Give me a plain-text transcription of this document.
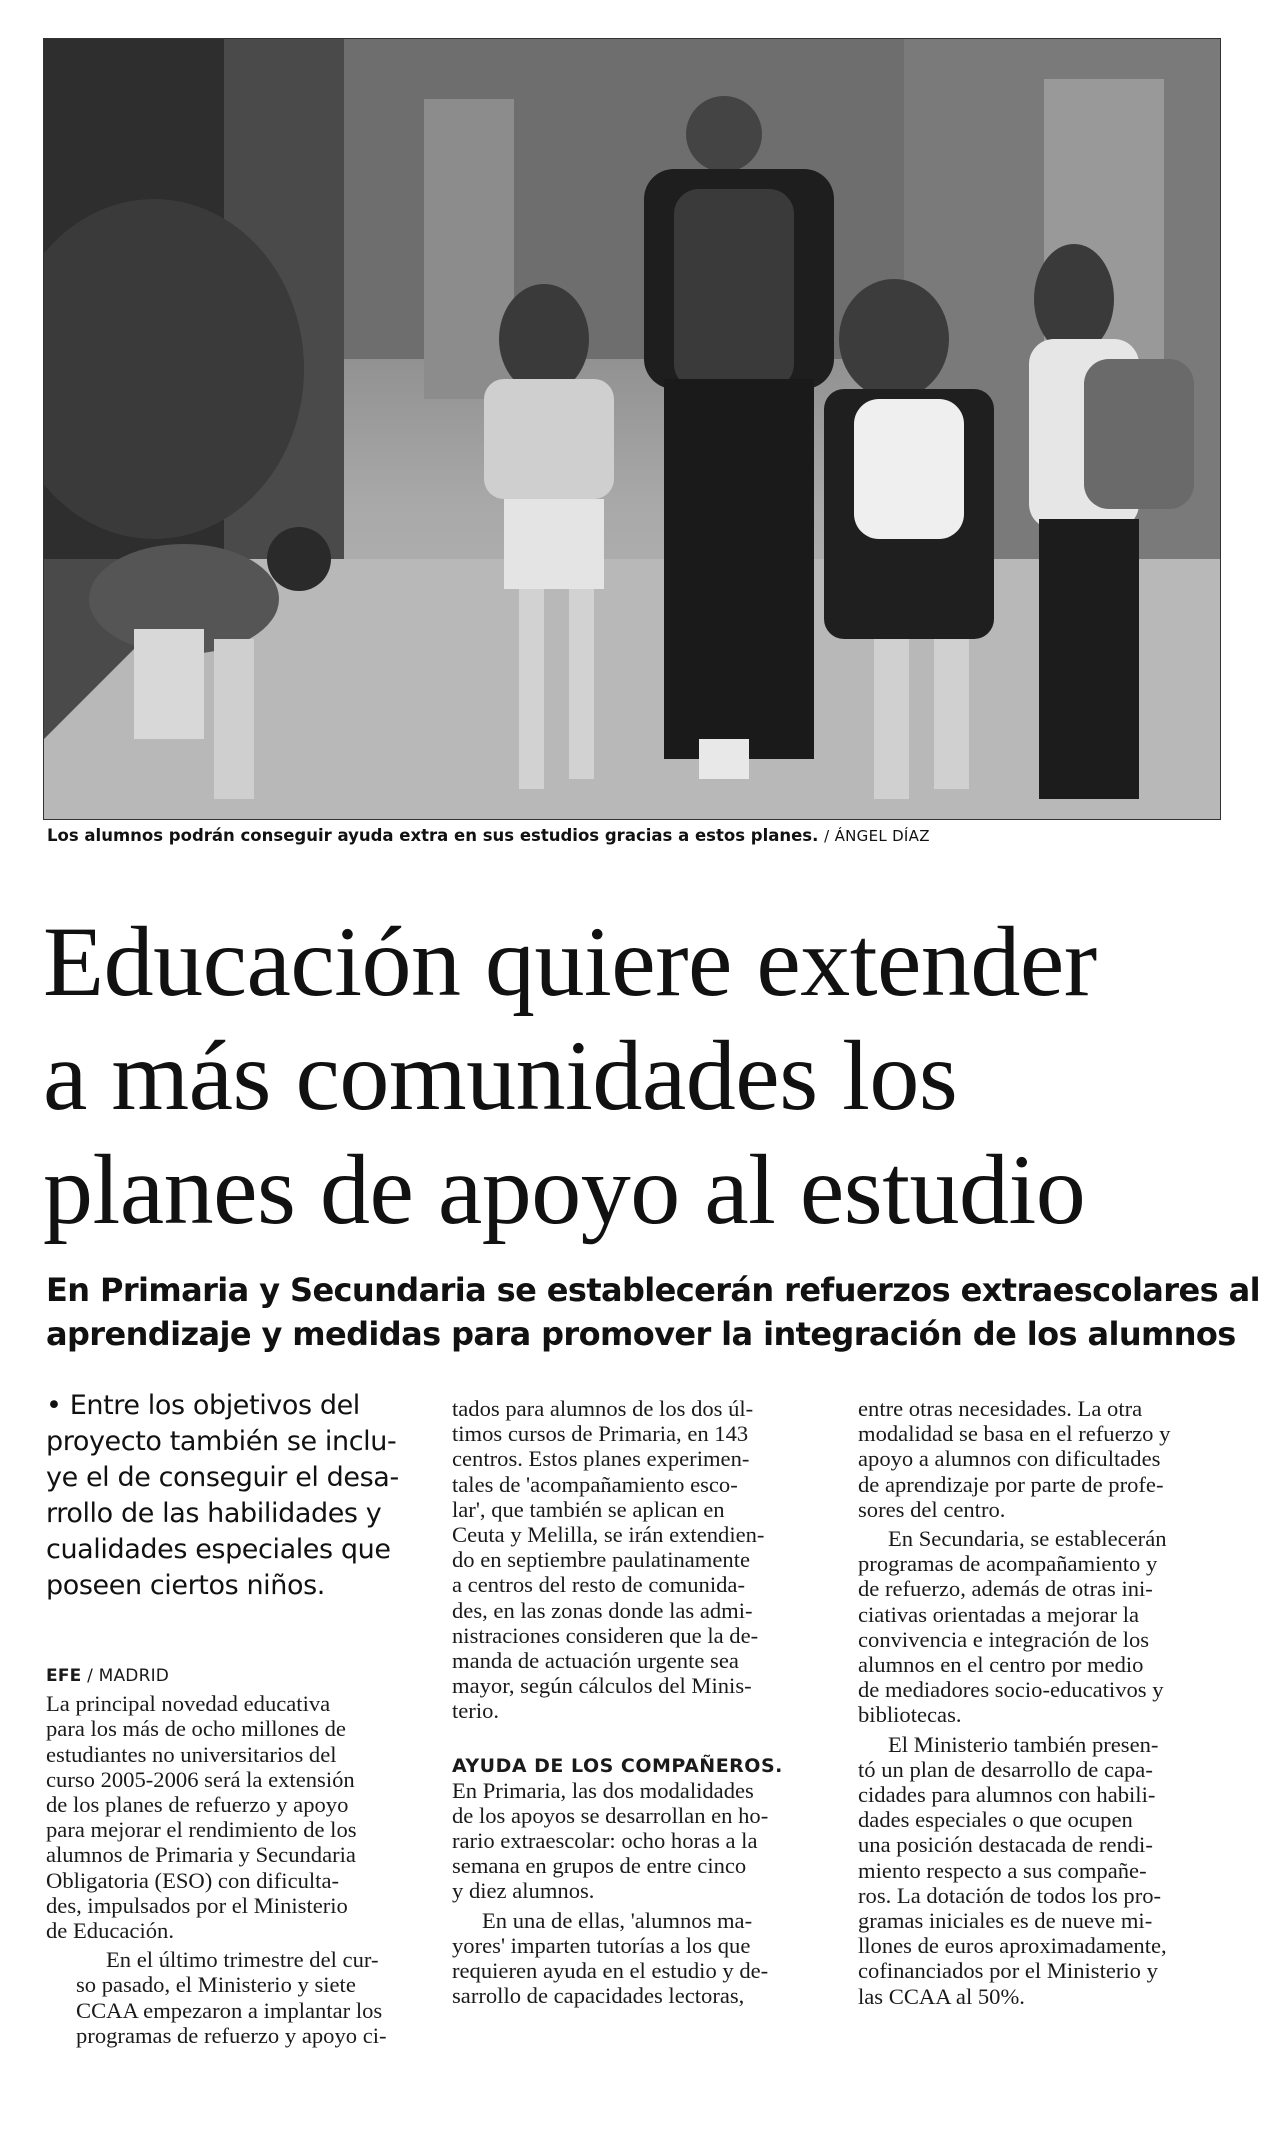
Los alumnos podrán conseguir ayuda extra en sus estudios gracias a estos planes. / ÁNGEL DÍAZ
Educación quiere extender
a más comunidades los
planes de apoyo al estudio
En Primaria y Secundaria se establecerán refuerzos extraescolares al
aprendizaje y medidas para promover la integración de los alumnos
• Entre los objetivos del
proyecto también se inclu-
ye el de conseguir el desa-
rrollo de las habilidades y
cualidades especiales que
poseen ciertos niños.
EFE / MADRID

La principal novedad educativa
para los más de ocho millones de
estudiantes no universitarios del
curso 2005-2006 será la extensión
de los planes de refuerzo y apoyo
para mejorar el rendimiento de los
alumnos de Primaria y Secundaria
Obligatoria (ESO) con dificulta-
des, impulsados por el Ministerio
de Educación.

En el último trimestre del cur-
so pasado, el Ministerio y siete
CCAA empezaron a implantar los
programas de refuerzo y apoyo ci-

tados para alumnos de los dos úl-
timos cursos de Primaria, en 143
centros. Estos planes experimen-
tales de 'acompañamiento esco-
lar', que también se aplican en
Ceuta y Melilla, se irán extendien-
do en septiembre paulatinamente
a centros del resto de comunida-
des, en las zonas donde las admi-
nistraciones consideren que la de-
manda de actuación urgente sea
mayor, según cálculos del Minis-
terio.

AYUDA DE LOS COMPAÑEROS.

En Primaria, las dos modalidades
de los apoyos se desarrollan en ho-
rario extraescolar: ocho horas a la
semana en grupos de entre cinco
y diez alumnos.

En una de ellas, 'alumnos ma-
yores' imparten tutorías a los que
requieren ayuda en el estudio y de-
sarrollo de capacidades lectoras,

entre otras necesidades. La otra
modalidad se basa en el refuerzo y
apoyo a alumnos con dificultades
de aprendizaje por parte de profe-
sores del centro.

En Secundaria, se establecerán
programas de acompañamiento y
de refuerzo, además de otras ini-
ciativas orientadas a mejorar la
convivencia e integración de los
alumnos en el centro por medio
de mediadores socio-educativos y
bibliotecas.

El Ministerio también presen-
tó un plan de desarrollo de capa-
cidades para alumnos con habili-
dades especiales o que ocupen
una posición destacada de rendi-
miento respecto a sus compañe-
ros. La dotación de todos los pro-
gramas iniciales es de nueve mi-
llones de euros aproximadamente,
cofinanciados por el Ministerio y
las CCAA al 50%.
